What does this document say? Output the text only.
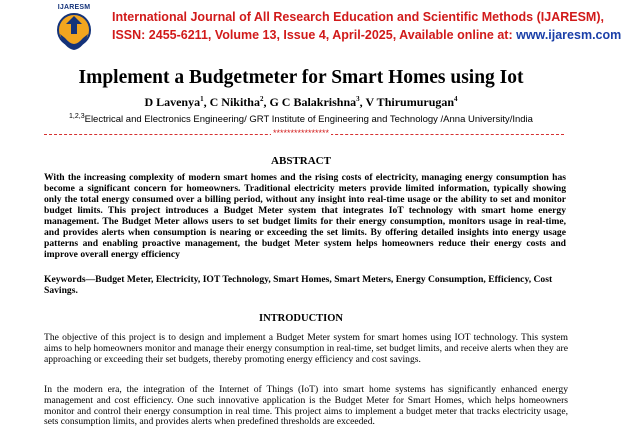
IJARESM
International Journal of All Research Education and Scientific Methods (IJARESM),
ISSN: 2455-6211, Volume 13, Issue 4, April-2025, Available online at: www.ijaresm.com
Implement a Budgetmeter for Smart Homes using Iot
D Lavenya$^1$, C Nikitha$^2$, G C Balakrishna$^3$, V Thirumurugan$^4$
$^{1,2,3}$Electrical and Electronics Engineering/ GRT Institute of Engineering and Technology /Anna University/India
****************
ABSTRACT

With the increasing complexity of modern smart homes and the rising costs of electricity, managing energy consumption has become a significant concern for homeowners. Traditional electricity meters provide limited information, typically showing only the total energy consumed over a billing period, without any insight into real-time usage or the ability to set and monitor budget limits. This project introduces a Budget Meter system that integrates IoT technology with smart home energy management. The Budget Meter allows users to set budget limits for their energy consumption, monitors usage in real-time, and provides alerts when consumption is nearing or exceeding the set limits. By offering detailed insights into energy usage patterns and enabling proactive management, the budget Meter system helps homeowners reduce their energy costs and improve overall energy efficiency

Keywords—Budget Meter, Electricity, IOT Technology, Smart Homes, Smart Meters, Energy Consumption, Efficiency, Cost Savings.

INTRODUCTION

The objective of this project is to design and implement a Budget Meter system for smart homes using IOT technology. This system aims to help homeowners monitor and manage their energy consumption in real-time, set budget limits, and receive alerts when they are approaching or exceeding their set budgets, thereby promoting energy efficiency and cost savings.

In the modern era, the integration of the Internet of Things (IoT) into smart home systems has significantly enhanced energy management and cost efficiency. One such innovative application is the Budget Meter for Smart Homes, which helps homeowners monitor and control their energy consumption in real time. This project aims to implement a budget meter that tracks electricity usage, sets consumption limits, and provides alerts when predefined thresholds are exceeded.
